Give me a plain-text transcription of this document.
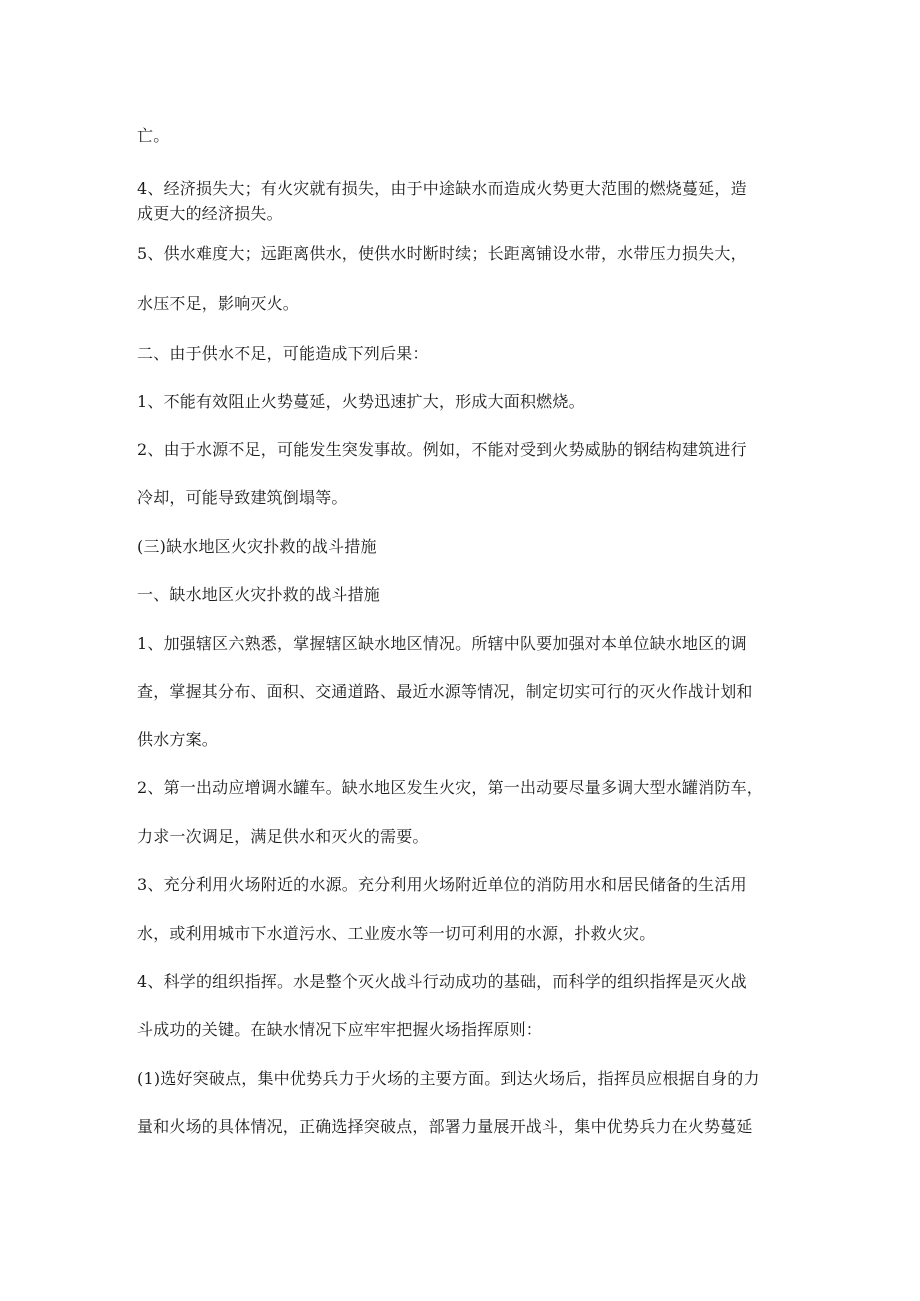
亡。
4、经济损失大；有火灾就有损失，由于中途缺水而造成火势更大范围的燃烧蔓延，造
成更大的经济损失。
5、供水难度大；远距离供水，使供水时断时续；长距离铺设水带，水带压力损失大，
水压不足，影响灭火。
二、由于供水不足，可能造成下列后果：
1、不能有效阻止火势蔓延，火势迅速扩大，形成大面积燃烧。
2、由于水源不足，可能发生突发事故。例如，不能对受到火势威胁的钢结构建筑进行
冷却，可能导致建筑倒塌等。
(三)缺水地区火灾扑救的战斗措施
一、缺水地区火灾扑救的战斗措施
1、加强辖区六熟悉，掌握辖区缺水地区情况。所辖中队要加强对本单位缺水地区的调
查，掌握其分布、面积、交通道路、最近水源等情况，制定切实可行的灭火作战计划和
供水方案。
2、第一出动应增调水罐车。缺水地区发生火灾，第一出动要尽量多调大型水罐消防车，
力求一次调足，满足供水和灭火的需要。
3、充分利用火场附近的水源。充分利用火场附近单位的消防用水和居民储备的生活用
水，或利用城市下水道污水、工业废水等一切可利用的水源，扑救火灾。
4、科学的组织指挥。水是整个灭火战斗行动成功的基础，而科学的组织指挥是灭火战
斗成功的关键。在缺水情况下应牢牢把握火场指挥原则：
(1)选好突破点，集中优势兵力于火场的主要方面。到达火场后，指挥员应根据自身的力
量和火场的具体情况，正确选择突破点，部署力量展开战斗，集中优势兵力在火势蔓延
